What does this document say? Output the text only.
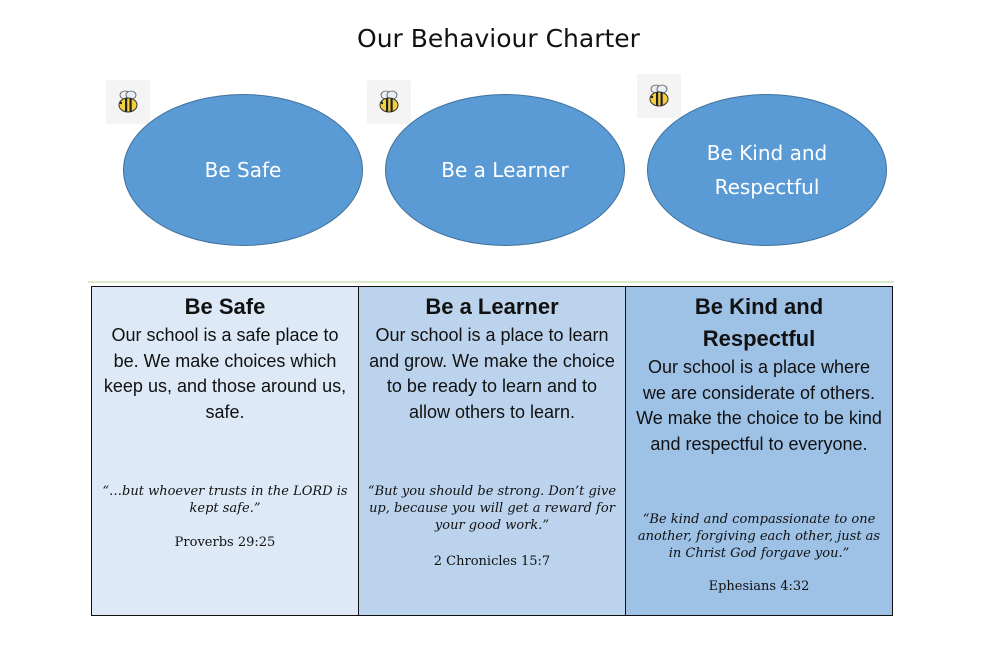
Our Behaviour Charter
Be Safe	Be a Learner
Be Kind and Respectful
Be Safe

Our school is a safe place to be. We make choices which keep us, and those around us, safe.

“…but whoever trusts in the LORD is kept safe.”
Proverbs 29:25
Be a Learner

Our school is a place to learn and grow. We make the choice to be ready to learn and to allow others to learn.

“But you should be strong. Don’t give up, because you will get a reward for your good work.”
2 Chronicles 15:7
Be Kind and Respectful

Our school is a place where we are considerate of others. We make the choice to be kind and respectful to everyone.

“Be kind and compassionate to one another, forgiving each other, just as in Christ God forgave you.”
Ephesians 4:32
